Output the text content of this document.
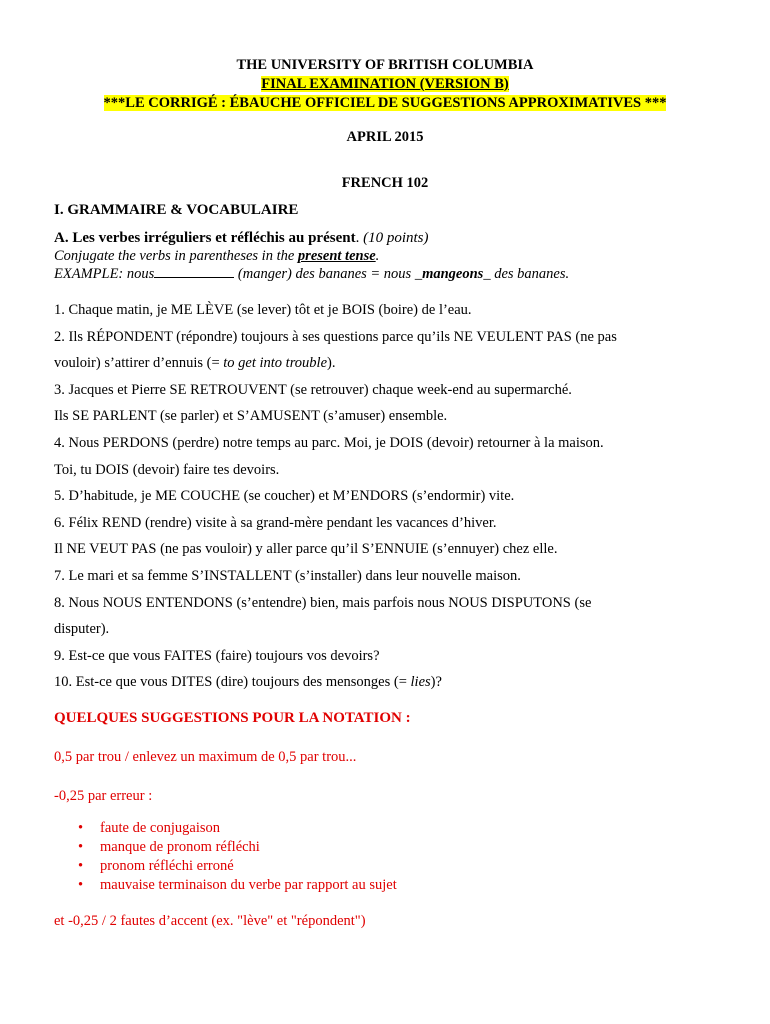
THE UNIVERSITY OF BRITISH COLUMBIA
FINAL EXAMINATION (VERSION B)
***LE CORRIGÉ : ÉBAUCHE OFFICIEL DE SUGGESTIONS APPROXIMATIVES ***
APRIL 2015
FRENCH 102
I. GRAMMAIRE & VOCABULAIRE
A. Les verbes irréguliers et réfléchis au présent. (10 points)
Conjugate the verbs in parentheses in the present tense.
EXAMPLE: nous	(manger) des bananes = nous _mangeons_ des bananes.

1. Chaque matin, je ME LÈVE (se lever) tôt et je BOIS (boire) de l’eau.

2. Ils RÉPONDENT (répondre) toujours à ses questions parce qu’ils NE VEULENT PAS (ne pas

vouloir) s’attirer d’ennuis (= to get into trouble).

3. Jacques et Pierre SE RETROUVENT (se retrouver) chaque week-end au supermarché.

Ils SE PARLENT (se parler) et S’AMUSENT (s’amuser) ensemble.

4. Nous PERDONS (perdre) notre temps au parc. Moi, je DOIS (devoir) retourner à la maison.

Toi, tu DOIS (devoir) faire tes devoirs.

5. D’habitude, je ME COUCHE (se coucher) et M’ENDORS (s’endormir) vite.

6. Félix REND (rendre) visite à sa grand-mère pendant les vacances d’hiver.

Il NE VEUT PAS (ne pas vouloir) y aller parce qu’il S’ENNUIE (s’ennuyer) chez elle.

7. Le mari et sa femme S’INSTALLENT (s’installer) dans leur nouvelle maison.

8. Nous NOUS ENTENDONS (s’entendre) bien, mais parfois nous NOUS DISPUTONS (se

disputer).

9. Est-ce que vous FAITES (faire) toujours vos devoirs?

10. Est-ce que vous DITES (dire) toujours des mensonges (= lies)?

QUELQUES SUGGESTIONS POUR LA NOTATION :
0,5 par trou / enlevez un maximum de 0,5 par trou...
-0,25 par erreur :
• faute de conjugaison
• manque de pronom réfléchi
• pronom réfléchi erroné
• mauvaise terminaison du verbe par rapport au sujet
et -0,25 / 2 fautes d’accent (ex. "lève" et "répondent")
